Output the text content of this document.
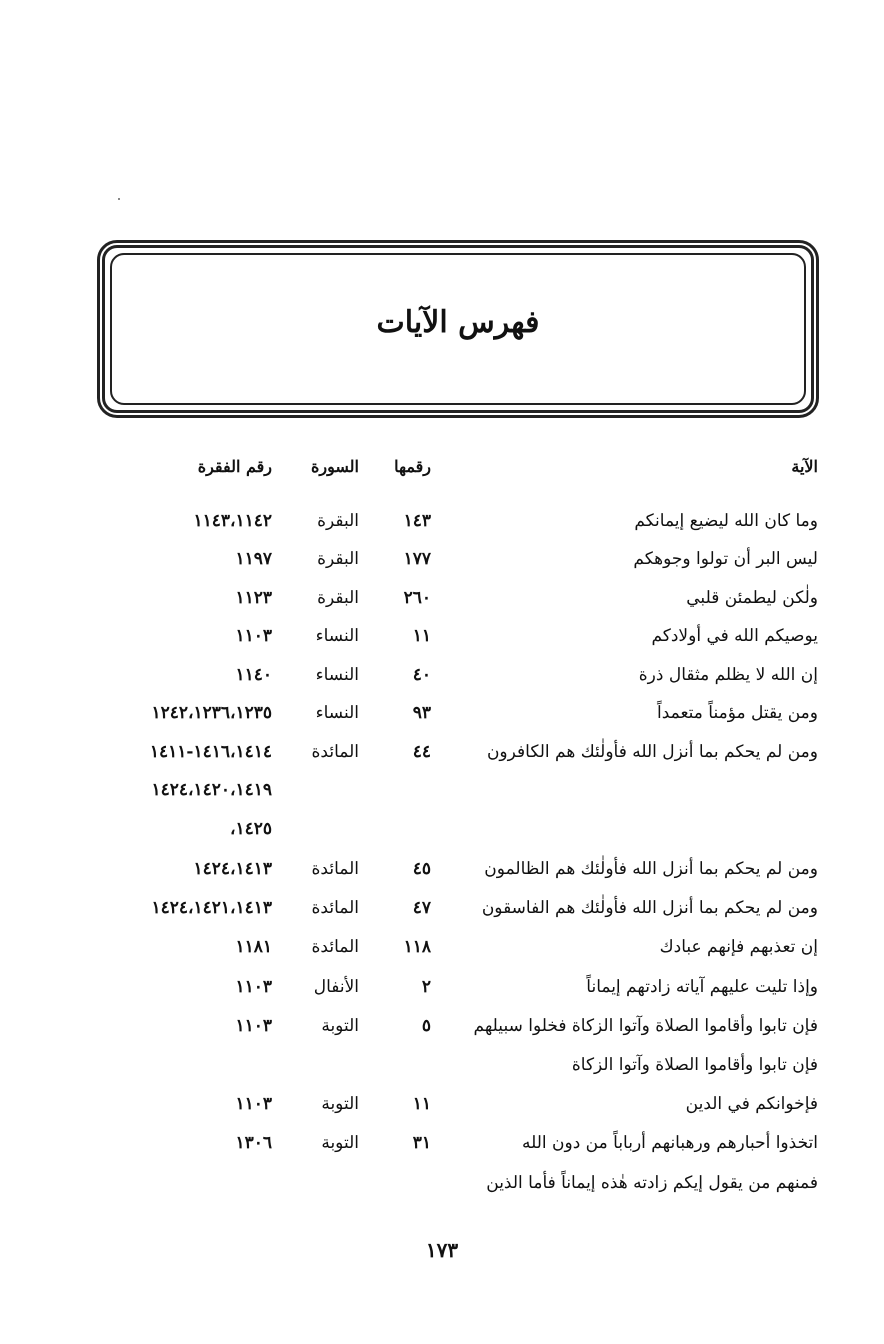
فهرس الآيات
الآية
رقمها
السورة
رقم الفقرة
وما كان الله ليضيع إيمانكم
١٤٣
البقرة
١١٤٣،١١٤٢
ليس البر أن تولوا وجوهكم
١٧٧
البقرة
١١٩٧
ولٰكن ليطمئن قلبي
٢٦٠
البقرة
١١٢٣
يوصيكم الله في أولادكم
١١
النساء
١١٠٣
إن الله لا يظلم مثقال ذرة
٤٠
النساء
١١٤٠
ومن يقتل مؤمناً متعمداً
٩٣
النساء
١٢٤٢،١٢٣٦،١٢٣٥
ومن لم يحكم بما أنزل الله فأولٰئك هم الكافرون
٤٤
المائدة
١٤١٦،١٤١٤-١٤١١
١٤٢٤،١٤٢٠،١٤١٩
١٤٢٥،
ومن لم يحكم بما أنزل الله فأولٰئك هم الظالمون
٤٥
المائدة
١٤٢٤،١٤١٣
ومن لم يحكم بما أنزل الله فأولٰئك هم الفاسقون
٤٧
المائدة
١٤٢٤،١٤٢١،١٤١٣
إن تعذبهم فإنهم عبادك
١١٨
المائدة
١١٨١
وإذا تليت عليهم آياته زادتهم إيماناً
٢
الأنفال
١١٠٣
فإن تابوا وأقاموا الصلاة وآتوا الزكاة فخلوا سبيلهم
٥
التوبة
١١٠٣
فإن تابوا وأقاموا الصلاة وآتوا الزكاة
فإخوانكم في الدين
١١
التوبة
١١٠٣
اتخذوا أحبارهم ورهبانهم أرباباً من دون الله
٣١
التوبة
١٣٠٦
فمنهم من يقول إيكم زادته هٰذه إيماناً فأما الذين
١٧٣
